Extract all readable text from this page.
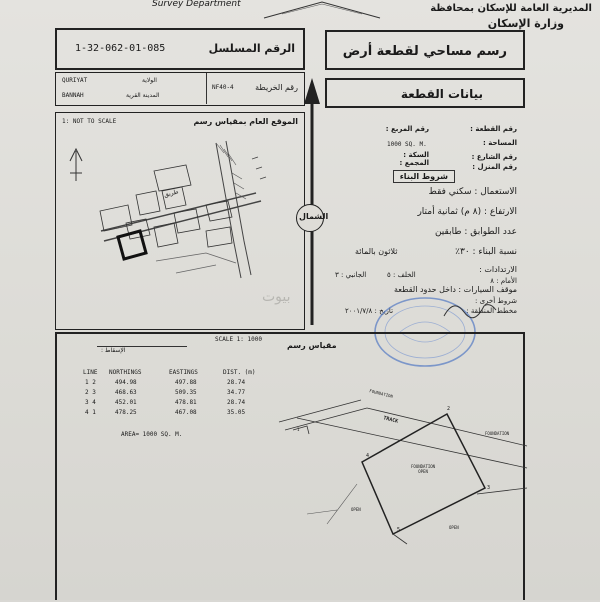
Survey Department	المديرية العامة للإسكان بمحافظة
وزارة الإسكان
1-32-062-01-085	الرقم المسلسل	رسم مساحي لقطعة أرض
QURIYAT	الولاية
BANNAH	المدينة القرية
NF40-4	رقم الخريطة	بيانات القطعة
1: NOT TO SCALE	الموقع العام بمقياس رسم
طريق
الشمال
رقم القطعة :
رقم المربع :
المساحة :
1000 SQ. M.
رقم الشارع :
السكة :
رقم المنزل :
المجمع :
شروط البناء
الاستعمال : سكني فقط
الارتفاع : (٨ م) ثمانية أمتار
عدد الطوابق : طابقين
نسبة البناء : ٣٠٪
ثلاثون بالمائة
الارتدادات :
الخلف : ٥
الجانبي : ٣
الأمام : ٨
موقف السيارات : داخل حدود القطعة
شروط أخرى :
مخطط المنطقة :
تاريخ : ٢٠٠١/٧/٨
بيوت
SCALE 1: 1000
مقياس رسم
الإسقاط :
LINE NORTHINGS	EASTINGS	DIST. (m)
1 2	494.98	497.88	28.74
2 3	468.63	509.35	34.77
3 4	452.01	478.81	28.74
4 1	478.25	467.08	35.05
AREA= 1000 SQ. M.
FOUNDATION
TRACK
FOUNDATION
FOUNDATION
OPEN
OPEN
OPEN
4
2
3
5
1
